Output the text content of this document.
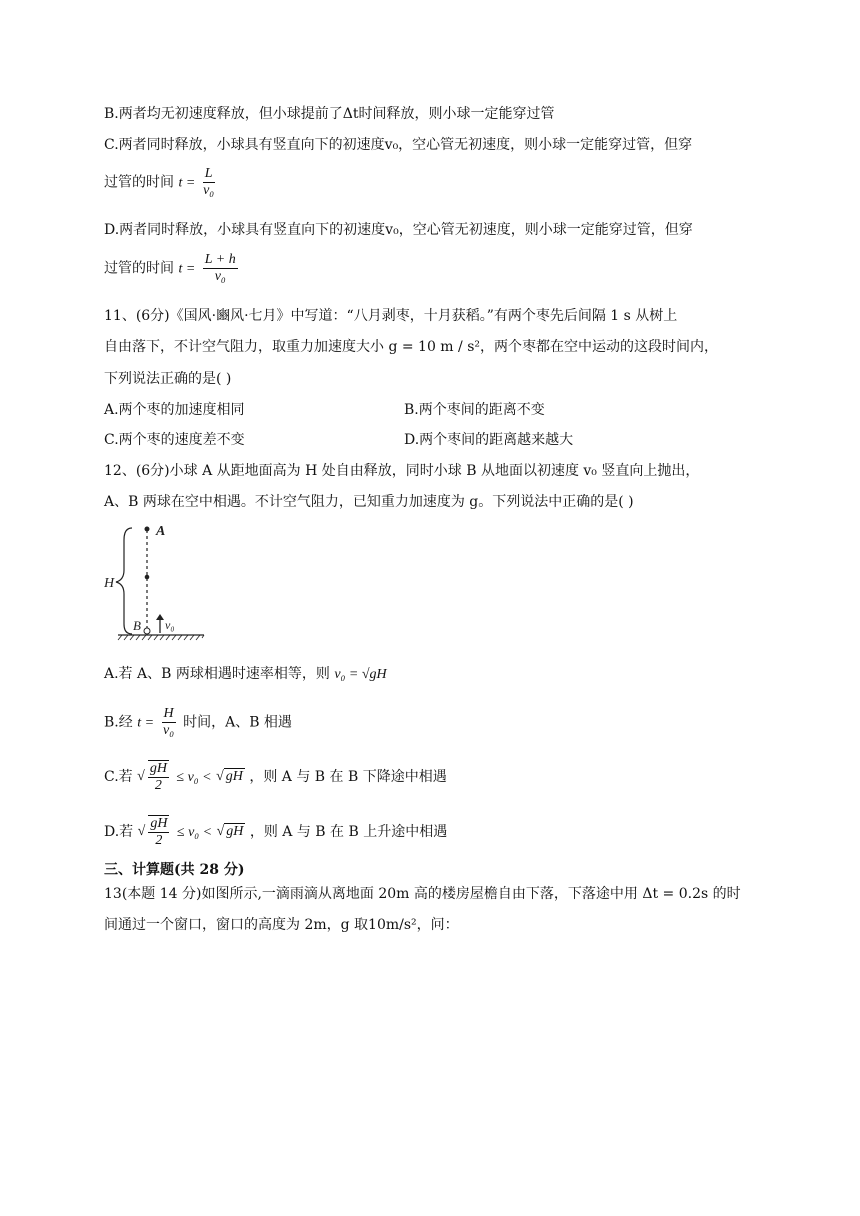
B.两者均无初速度释放，但小球提前了Δt时间释放，则小球一定能穿过管
C.两者同时释放，小球具有竖直向下的初速度v₀，空心管无初速度，则小球一定能穿过管，但穿
过管的时间 $t = \frac{L}{\text{v₀}}$
D.两者同时释放，小球具有竖直向下的初速度v₀，空心管无初速度，则小球一定能穿过管，但穿
过管的时间 $t = \frac{L + h}{\text{v₀}}$
11、(6分)《国风·豳风·七月》中写道：“八月剥枣，十月获稻。”有两个枣先后间隔 1 s 从树上
自由落下，不计空气阻力，取重力加速度大小 g = 10 m / s²，两个枣都在空中运动的这段时间内，
下列说法正确的是( )
A.两个枣的加速度相同	B.两个枣间的距离不变
C.两个枣的速度差不变	D.两个枣间的距离越来越大
12、(6分)小球 A 从距地面高为 H 处自由释放，同时小球 B 从地面以初速度 v₀ 竖直向上抛出，
A、B 两球在空中相遇。不计空气阻力，已知重力加速度为 g。下列说法中正确的是( )
A
H
B v₀
A.若 A、B 两球相遇时速率相等，则 v₀ = √gH
B.经 $t = \frac{H}{\text{v₀}}$ 时间，A、B 相遇
C.若 √ $\frac{gH}{2} \le v_0$ < √ gH ，则 A 与 B 在 B 下降途中相遇
D.若 √ $\frac{gH}{2} \le v_0$ < √ gH ，则 A 与 B 在 B 上升途中相遇
三、计算题(共 28 分)
13(本题 14 分)如图所示,一滴雨滴从离地面 20m 高的楼房屋檐自由下落，下落途中用 Δt = 0.2s 的时
间通过一个窗口，窗口的高度为 2m，g 取10m/s²，问：
